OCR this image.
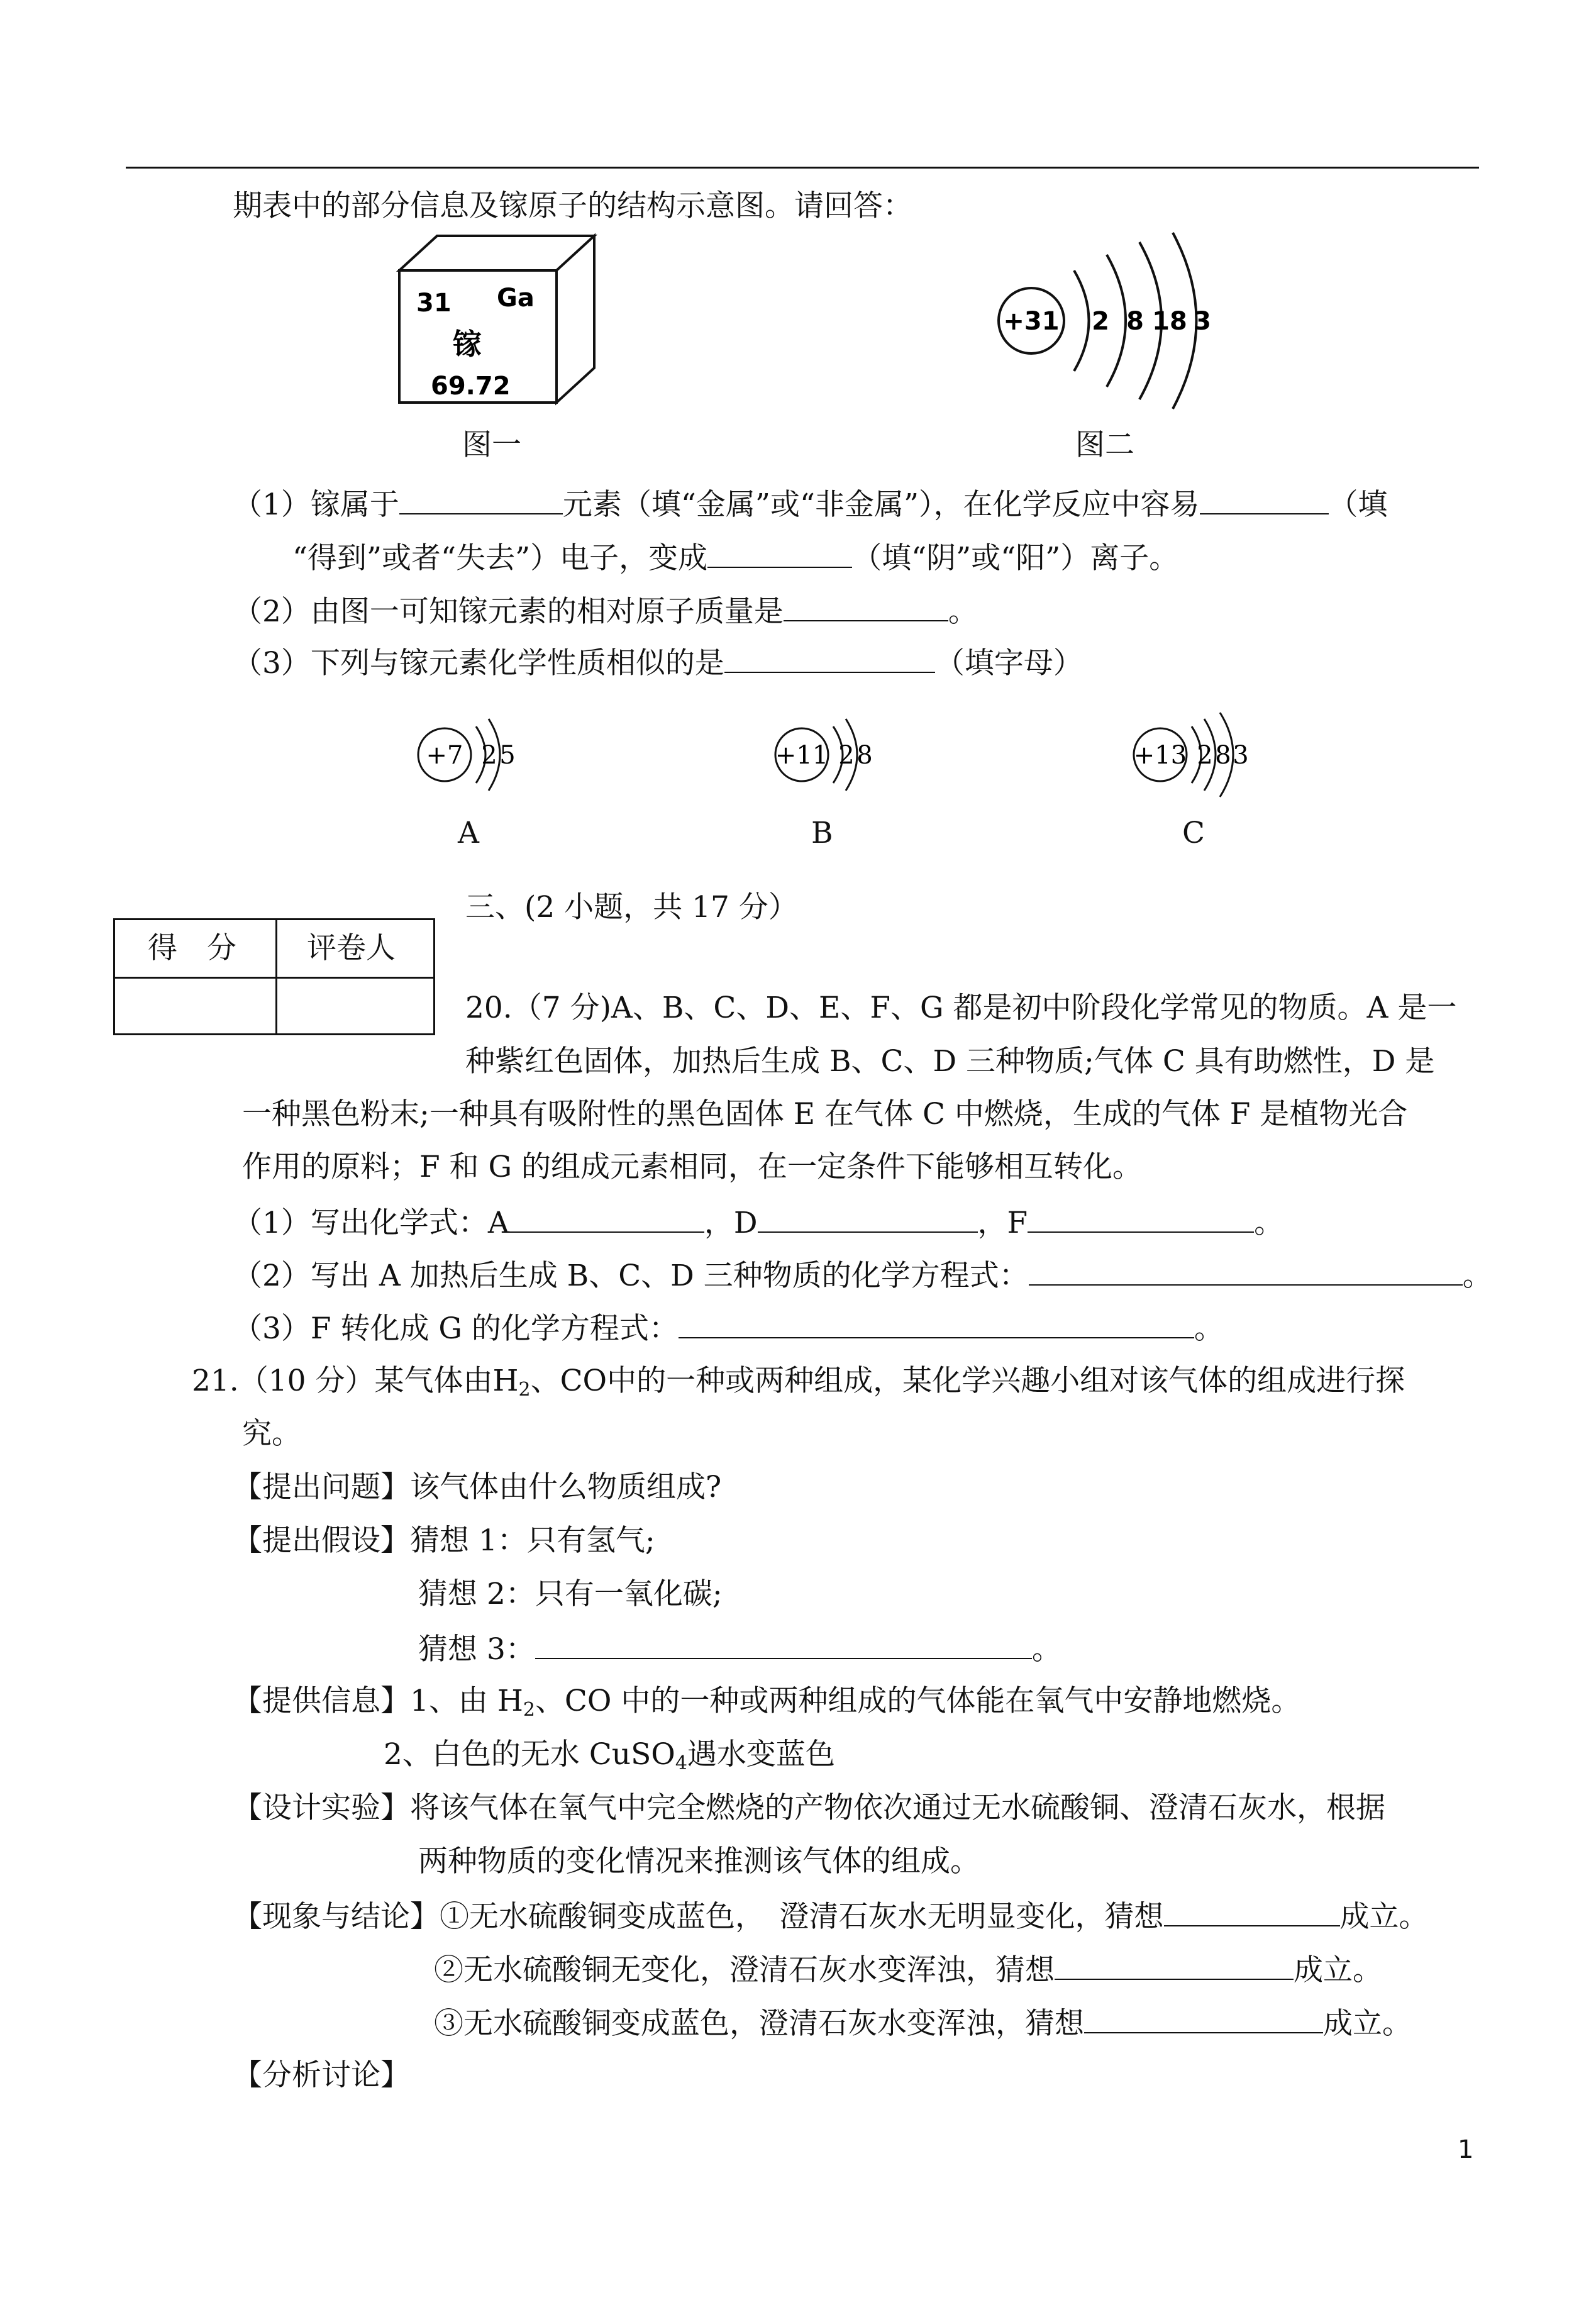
期表中的部分信息及镓原子的结构示意图。请回答：
31 Ga
镓
69.72
图一
+31 2 8 18 3
图二
（1）镓属于	元素（填“金属”或“非金属”），在化学反应中容易	（填
“得到”或者“失去”）电子，变成	（填“阴”或“阳”）离子。
（2）由图一可知镓元素的相对原子质量是	。
（3）下列与镓元素化学性质相似的是	（填字母）
+7 2 5
A
+11 2 8
B
+13 2 8 3
C
得　分 评卷人
三、(2 小题，共 17 分）
20.（7 分)A、B、C、D、E、F、G 都是初中阶段化学常见的物质。A 是一
种紫红色固体，加热后生成 B、C、D 三种物质;气体 C 具有助燃性，D 是
一种黑色粉末;一种具有吸附性的黑色固体 E 在气体 C 中燃烧，生成的气体 F 是植物光合
作用的原料；F 和 G 的组成元素相同，在一定条件下能够相互转化。
（1）写出化学式：A	，D	，F	。
（2）写出 A 加热后生成 B、C、D 三种物质的化学方程式：	。
（3）F 转化成 G 的化学方程式：	。
21.（10 分）某气体由$H_2$、CO中的一种或两种组成，某化学兴趣小组对该气体的组成进行探
究。
【提出问题】该气体由什么物质组成?
【提出假设】猜想 1：只有氢气;
猜想 2：只有一氧化碳;
猜想 3：	。
【提供信息】1、由 $H_2$、CO 中的一种或两种组成的气体能在氧气中安静地燃烧。
2、白色的无水 CuSO$_4$遇水变蓝色
【设计实验】将该气体在氧气中完全燃烧的产物依次通过无水硫酸铜、澄清石灰水，根据
两种物质的变化情况来推测该气体的组成。
【现象与结论】①无水硫酸铜变成蓝色，　澄清石灰水无明显变化，猜想	成立。
②无水硫酸铜无变化，澄清石灰水变浑浊，猜想	成立。
③无水硫酸铜变成蓝色，澄清石灰水变浑浊，猜想	成立。
【分析讨论】
1
